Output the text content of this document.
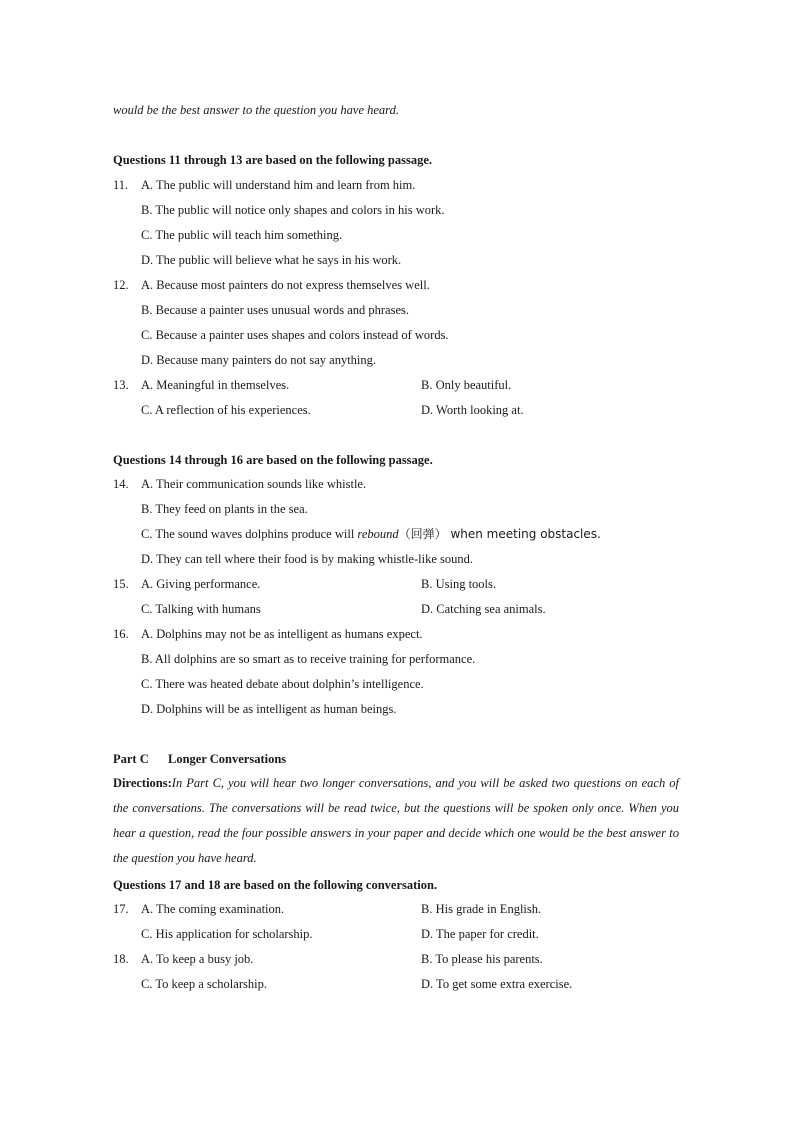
would be the best answer to the question you have heard.
Questions 11 through 13 are based on the following passage.
11. A. The public will understand him and learn from him.
B. The public will notice only shapes and colors in his work.
C. The public will teach him something.
D. The public will believe what he says in his work.
12. A. Because most painters do not express themselves well.
B. Because a painter uses unusual words and phrases.
C. Because a painter uses shapes and colors instead of words.
D. Because many painters do not say anything.
13. A. Meaningful in themselves.	B. Only beautiful.
C. A reflection of his experiences.	D. Worth looking at.
Questions 14 through 16 are based on the following passage.
14. A. Their communication sounds like whistle.
B. They feed on plants in the sea.
C. The sound waves dolphins produce will rebound（回弹） when meeting obstacles.
D. They can tell where their food is by making whistle-like sound.
15. A. Giving performance.	B. Using tools.
C. Talking with humans	D. Catching sea animals.
16. A. Dolphins may not be as intelligent as humans expect.
B. All dolphins are so smart as to receive training for performance.
C. There was heated debate about dolphin’s intelligence.
D. Dolphins will be as intelligent as human beings.
Part C Longer Conversations
Directions:In Part C, you will hear two longer conversations, and you will be asked two questions on each of the conversations. The conversations will be read twice, but the questions will be spoken only once. When you hear a question, read the four possible answers in your paper and decide which one would be the best answer to the question you have heard.
Questions 17 and 18 are based on the following conversation.
17. A. The coming examination.	B. His grade in English.
C. His application for scholarship.	D. The paper for credit.
18. A. To keep a busy job.	B. To please his parents.
C. To keep a scholarship.	D. To get some extra exercise.
